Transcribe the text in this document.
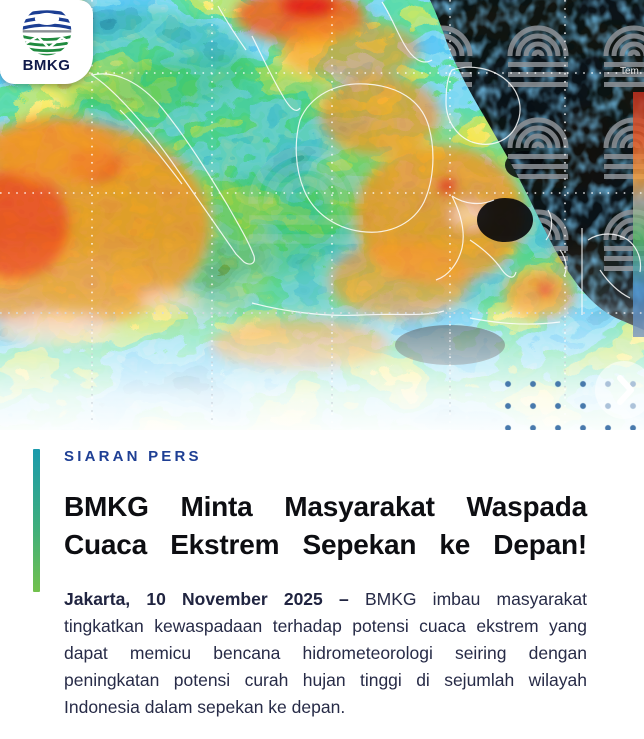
Tem
BMKG
SIARAN PERS
BMKG Minta Masyarakat Waspada
Cuaca Ekstrem Sepekan ke Depan!

Jakarta, 10 November 2025 – BMKG imbau masyarakat tingkatkan kewaspadaan terhadap potensi cuaca ekstrem yang dapat memicu bencana hidrometeorologi seiring dengan peningkatan potensi curah hujan tinggi di sejumlah wilayah Indonesia dalam sepekan ke depan.
